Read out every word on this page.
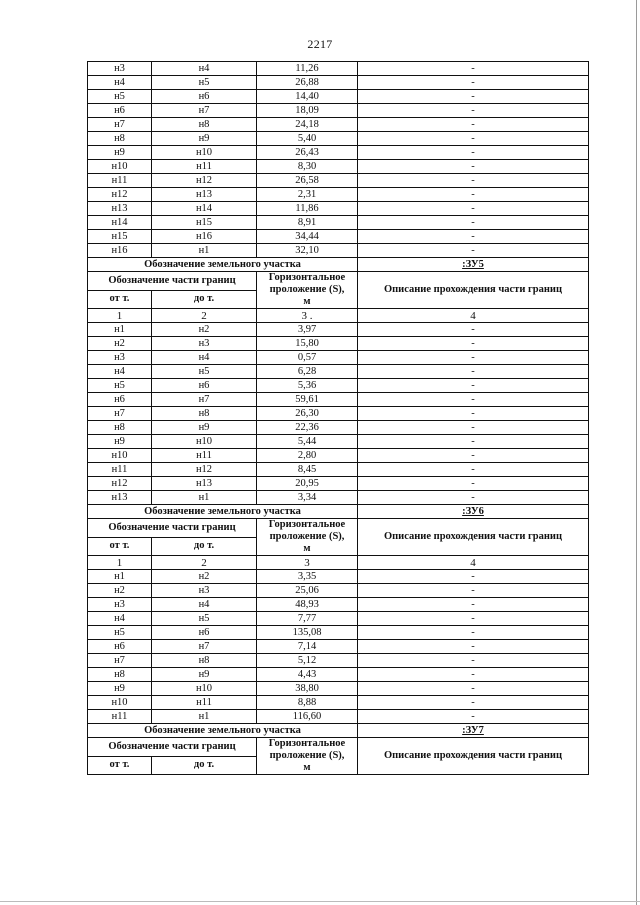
2217
н3	н4	11,26	-
н4	н5	26,88	-
н5	н6	14,40	-
н6	н7	18,09	-
н7	н8	24,18	-
н8	н9	5,40	-
н9	н10	26,43	-
н10	н11	8,30	-
н11	н12	26,58	-
н12	н13	2,31	-
н13	н14	11,86	-
н14	н15	8,91	-
н15	н16	34,44	-
н16	н1	32,10	-
Обозначение земельного участка			:ЗУ5
Обозначение части границ		Горизонтальное
проложение (S),
м	Описание прохождения части границ
от т.	до т.		
1	2	3 .	4
н1	н2	3,97	-
н2	н3	15,80	-
н3	н4	0,57	-
н4	н5	6,28	-
н5	н6	5,36	-
н6	н7	59,61	-
н7	н8	26,30	-
н8	н9	22,36	-
н9	н10	5,44	-
н10	н11	2,80	-
н11	н12	8,45	-
н12	н13	20,95	-
н13	н1	3,34	-
Обозначение земельного участка			:ЗУ6
Обозначение части границ		Горизонтальное
проложение (S),
м	Описание прохождения части границ
от т.	до т.		
1	2	3	4
н1	н2	3,35	-
н2	н3	25,06	-
н3	н4	48,93	-
н4	н5	7,77	-
н5	н6	135,08	-
н6	н7	7,14	-
н7	н8	5,12	-
н8	н9	4,43	-
н9	н10	38,80	-
н10	н11	8,88	-
н11	н1	116,60	-
Обозначение земельного участка			:ЗУ7
Обозначение части границ		Горизонтальное
проложение (S),
м	Описание прохождения части границ
от т.	до т.		
